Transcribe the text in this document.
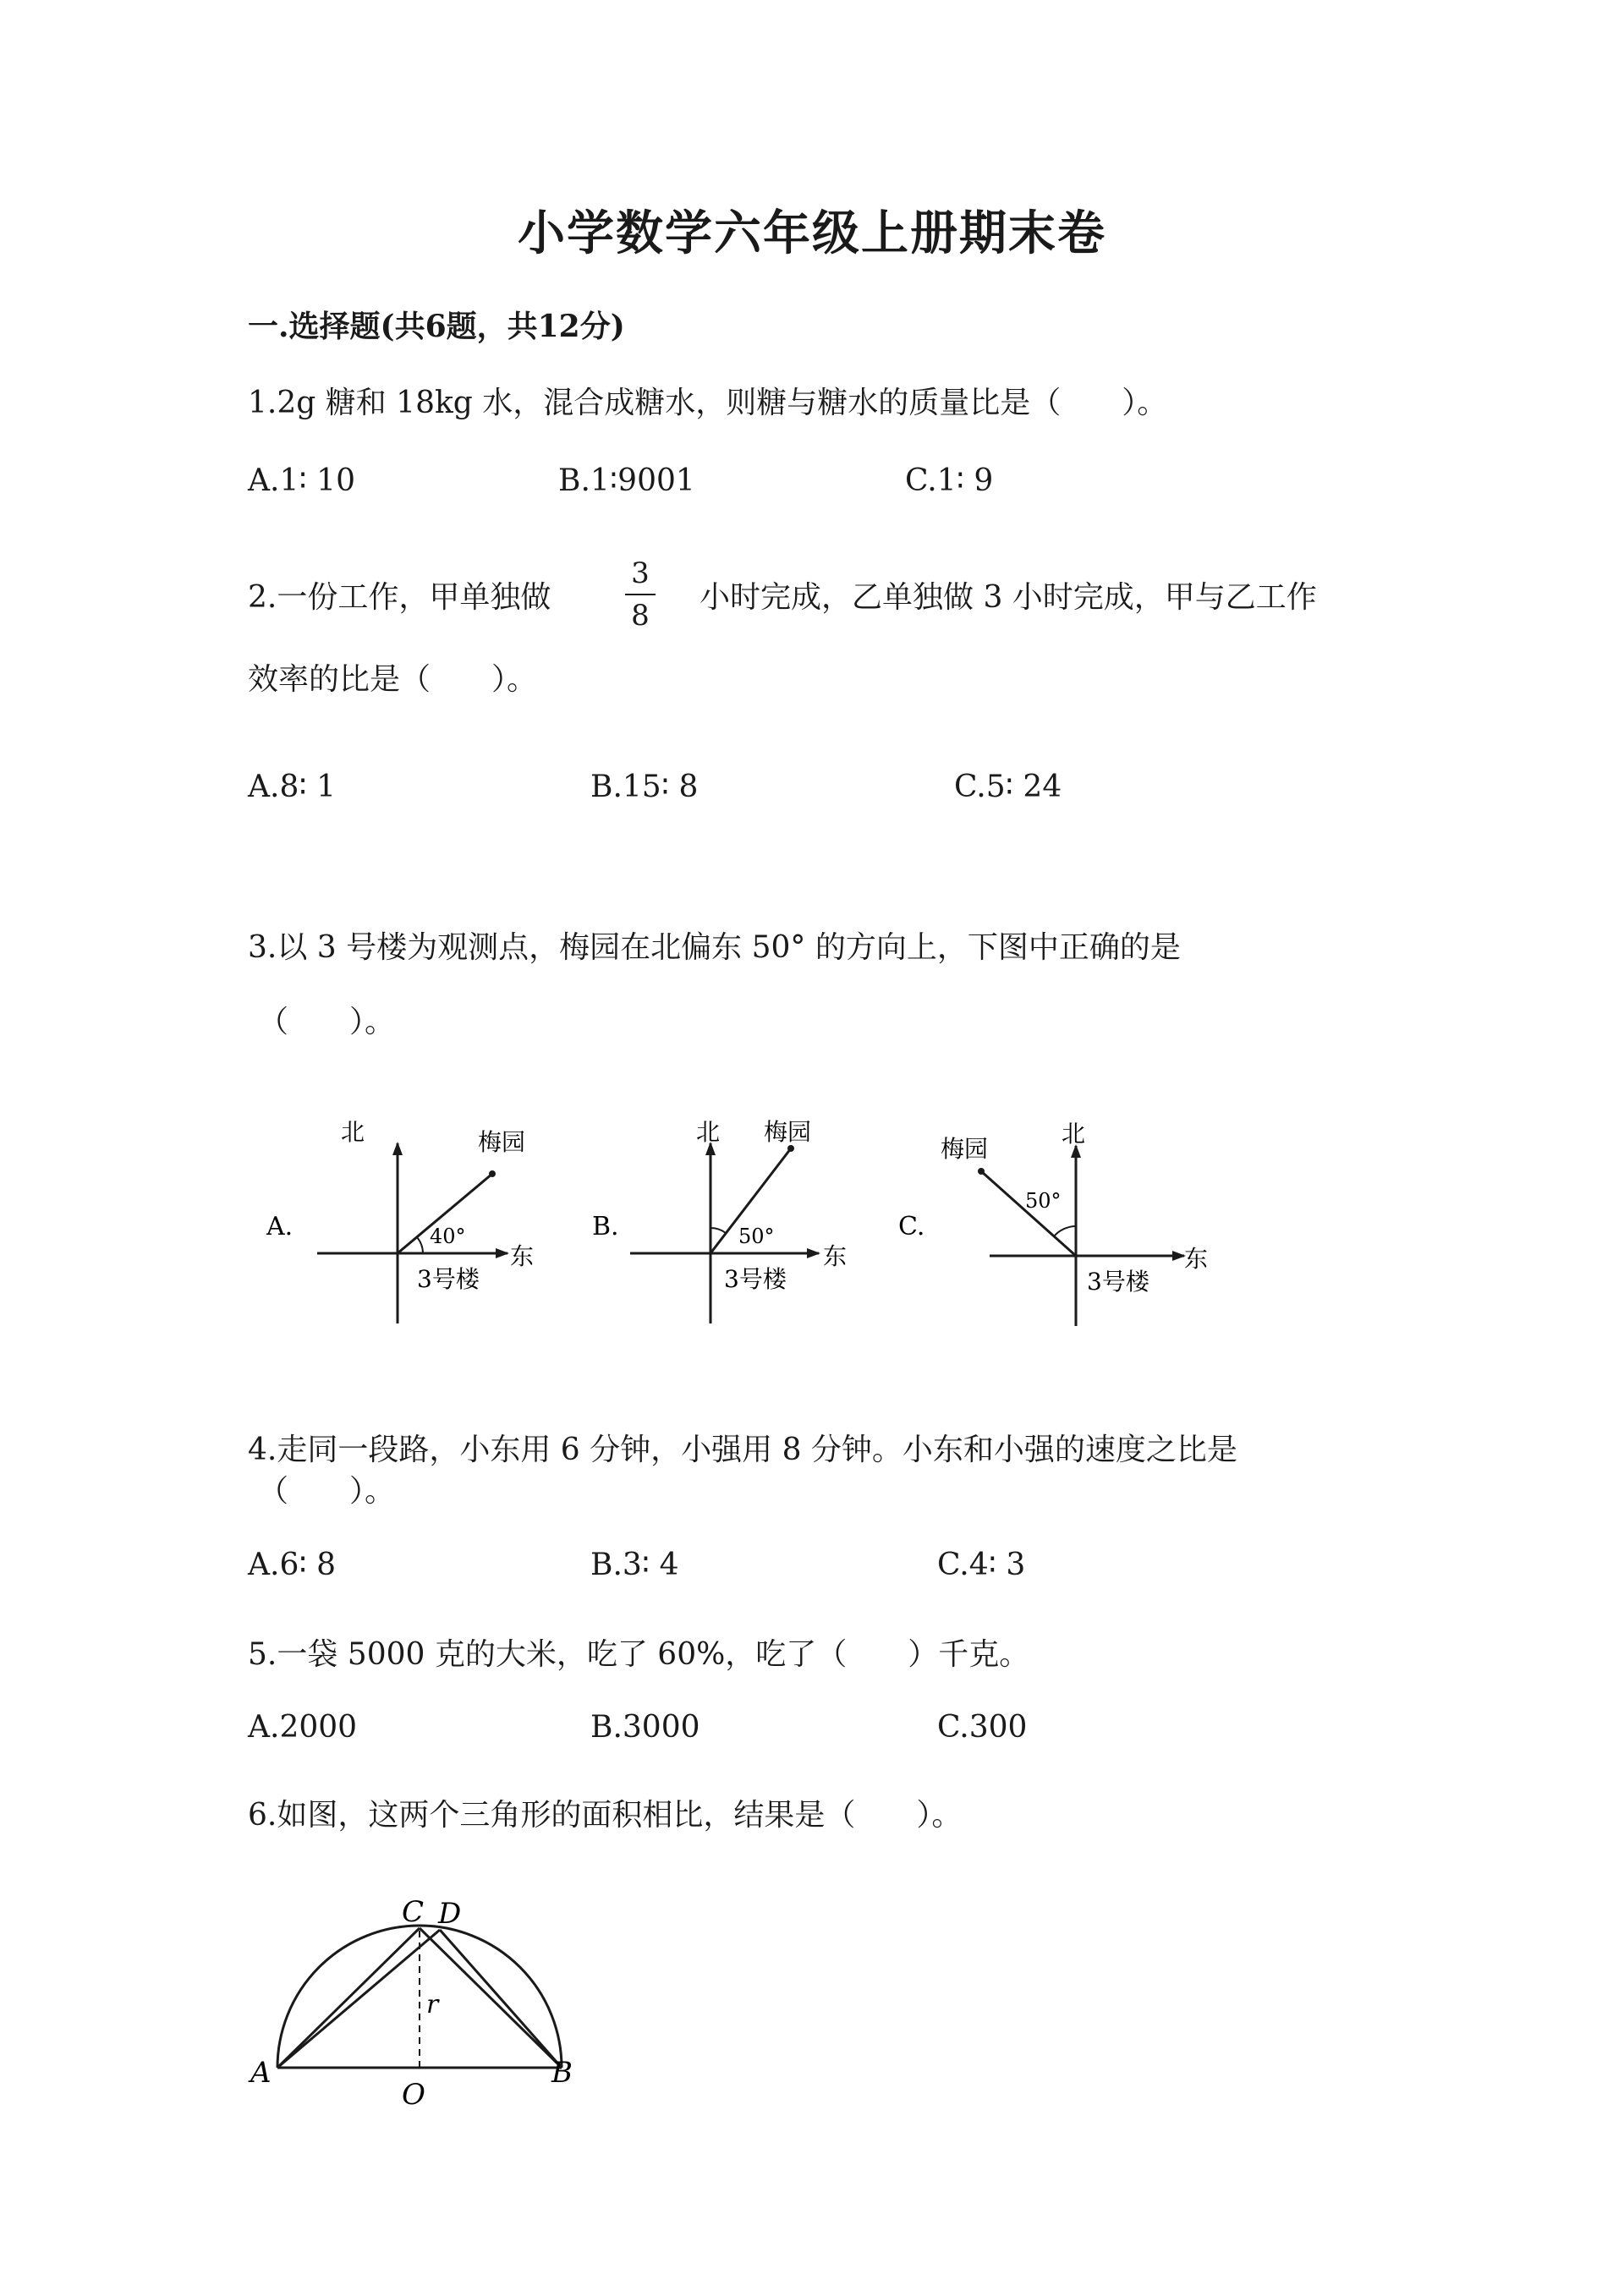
小学数学六年级上册期末卷
一.选择题(共6题，共12分)
1.2g 糖和 18kg 水，混合成糖水，则糖与糖水的质量比是（　　）。
A.1∶ 10	B.1∶9001	C.1∶ 9
2.一份工作，甲单独做
3
8
小时完成，乙单独做 3 小时完成，甲与乙工作
效率的比是（　　）。
A.8∶ 1	B.15∶ 8	C.5∶ 24
3.以 3 号楼为观测点，梅园在北偏东 50° 的方向上，下图中正确的是
（　　）。
A.
北	梅园
40°
东
3号楼
B.
北 梅园
50°
东
3号楼
C.
北
梅园
50°
东
3号楼
4.走同一段路，小东用 6 分钟，小强用 8 分钟。小东和小强的速度之比是
（　　）。
A.6∶ 8	B.3∶ 4	C.4∶ 3
5.一袋 5000 克的大米，吃了 60%，吃了（　　）千克。
A.2000	B.3000	C.300
6.如图，这两个三角形的面积相比，结果是（　　）。
C D
A	B
O
r
